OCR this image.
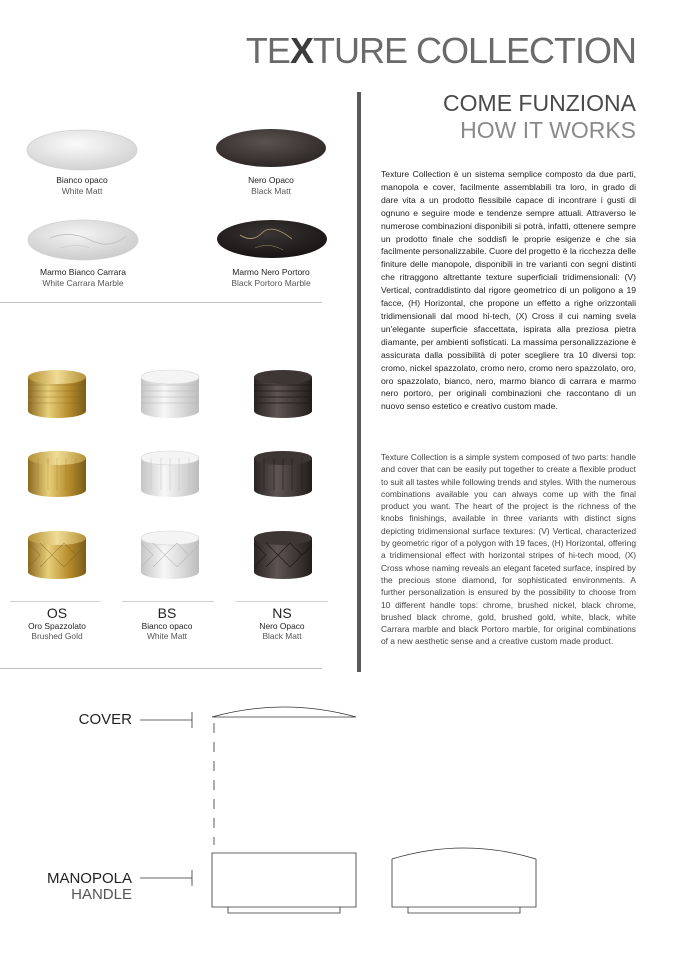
TEXTURE COLLECTION
COME FUNZIONA
HOW IT WORKS
Texture Collection è un sistema semplice composto da due parti, manopola e cover, facilmente assemblabili tra loro, in grado di dare vita a un prodotto flessibile capace di incontrare i gusti di ognuno e seguire mode e tendenze sempre attuali. Attraverso le numerose combinazioni disponibili si potrà, infatti, ottenere sempre un prodotto finale che soddisfi le proprie esigenze e che sia facilmente personalizzabile. Cuore del progetto è la ricchezza delle finiture delle manopole, disponibili in tre varianti con segni distinti che ritraggono altrettante texture superficiali tridimensionali: (V) Vertical, contraddistinto dal rigore geometrico di un poligono a 19 facce, (H) Horizontal, che propone un effetto a righe orizzontali tridimensionali dal mood hi-tech, (X) Cross il cui naming svela un'elegante superficie sfaccettata, ispirata alla preziosa pietra diamante, per ambienti sofisticati. La massima personalizzazione è assicurata dalla possibilità di poter scegliere tra 10 diversi top: cromo, nickel spazzolato, cromo nero, cromo nero spazzolato, oro, oro spazzolato, bianco, nero, marmo bianco di carrara e marmo nero portoro, per originali combinazioni che raccontano di un nuovo senso estetico e creativo custom made.
Texture Collection is a simple system composed of two parts: handle and cover that can be easily put together to create a flexible product to suit all tastes while following trends and styles. With the numerous combinations available you can always come up with the final product you want. The heart of the project is the richness of the knobs finishings, available in three variants with distinct signs depicting tridimensional surface textures: (V) Vertical, characterized by geometric rigor of a polygon with 19 faces, (H) Horizontal, offering a tridimensional effect with horizontal stripes of hi-tech mood, (X) Cross whose naming reveals an elegant faceted surface, inspired by the precious stone diamond, for sophisticated environments. A further personalization is ensured by the possibility to choose from 10 different handle tops: chrome, brushed nickel, black chrome, brushed black chrome, gold, brushed gold, white, black, white Carrara marble and black Portoro marble, for original combinations of a new aesthetic sense and a creative custom made product.
Bianco opaco
White Matt
Nero Opaco
Black Matt
Marmo Bianco Carrara
White Carrara Marble
Marmo Nero Portoro
Black Portoro Marble
OS
Oro Spazzolato
Brushed Gold
BS
Bianco opaco
White Matt
NS
Nero Opaco
Black Matt
COVER
MANOPOLA
HANDLE
